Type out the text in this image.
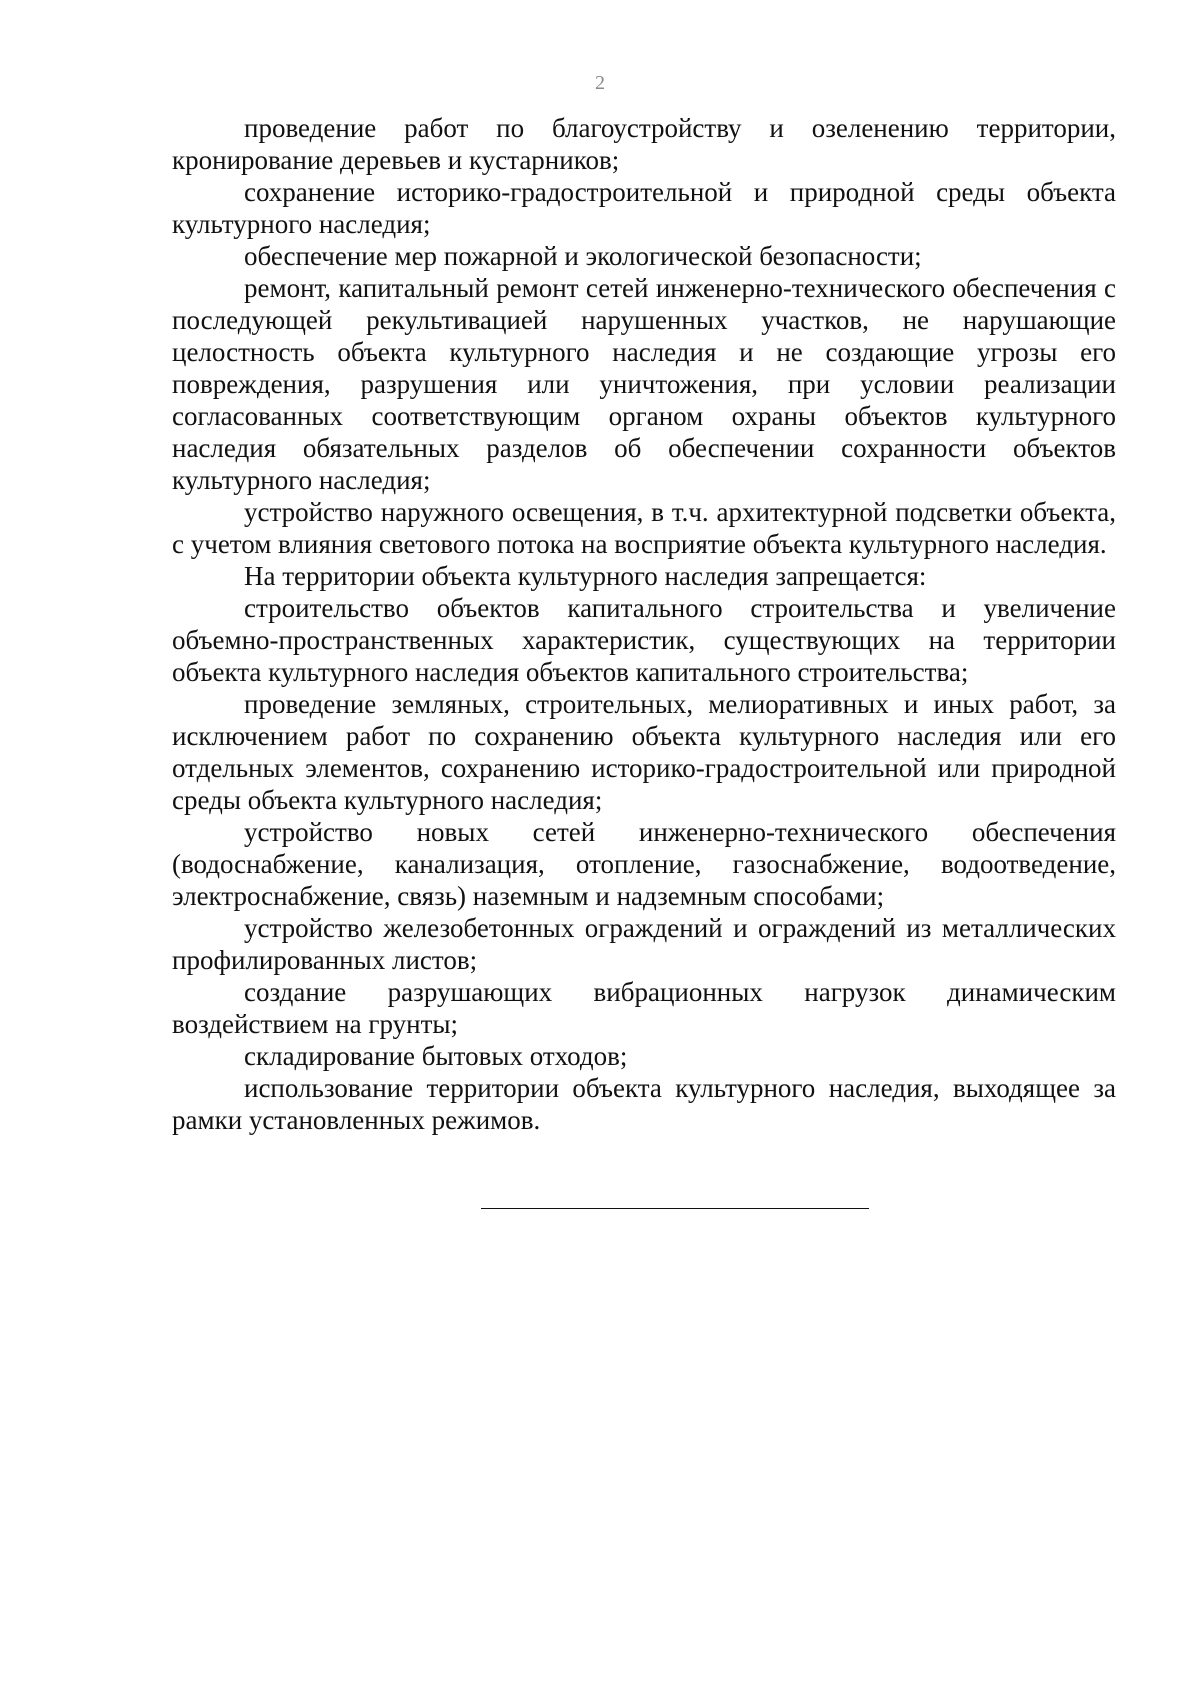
2

проведение работ по благоустройству и озеленению территории, кронирование деревьев и кустарников;

сохранение историко-градостроительной и природной среды объекта культурного наследия;

обеспечение мер пожарной и экологической безопасности;

ремонт, капитальный ремонт сетей инженерно-технического обеспечения с последующей рекультивацией нарушенных участков, не нарушающие целостность объекта культурного наследия и не создающие угрозы его повреждения, разрушения или уничтожения, при условии реализации согласованных соответствующим органом охраны объектов культурного наследия обязательных разделов об обеспечении сохранности объектов культурного наследия;

устройство наружного освещения, в т.ч. архитектурной подсветки объекта, с учетом влияния светового потока на восприятие объекта культурного наследия.

На территории объекта культурного наследия запрещается:

строительство объектов капитального строительства и увеличение объемно-пространственных характеристик, существующих на территории объекта культурного наследия объектов капитального строительства;

проведение земляных, строительных, мелиоративных и иных работ, за исключением работ по сохранению объекта культурного наследия или его отдельных элементов, сохранению историко-градостроительной или природной среды объекта культурного наследия;

устройство новых сетей инженерно-технического обеспечения (водоснабжение, канализация, отопление, газоснабжение, водоотведение, электроснабжение, связь) наземным и надземным способами;

устройство железобетонных ограждений и ограждений из металлических профилированных листов;

создание разрушающих вибрационных нагрузок динамическим воздействием на грунты;

складирование бытовых отходов;

использование территории объекта культурного наследия, выходящее за рамки установленных режимов.
